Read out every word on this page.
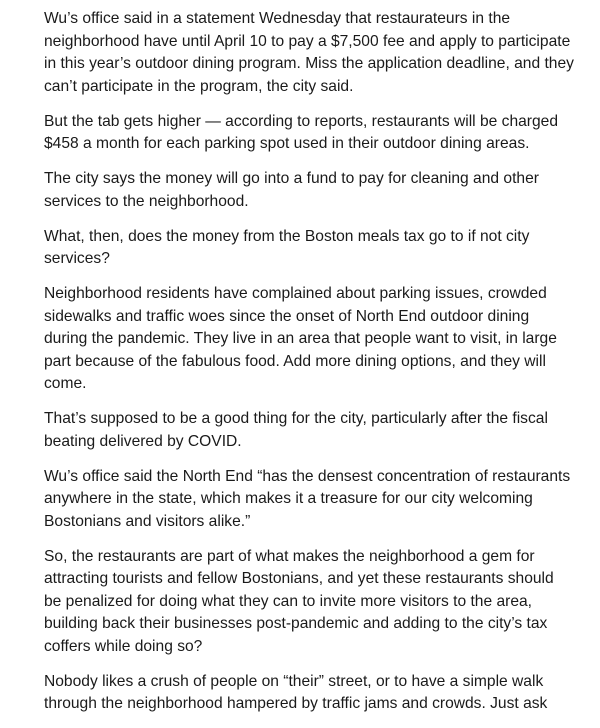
Wu’s office said in a statement Wednesday that restaurateurs in the
neighborhood have until April 10 to pay a $7,500 fee and apply to participate
in this year’s outdoor dining program. Miss the application deadline, and they
can’t participate in the program, the city said.

But the tab gets higher — according to reports, restaurants will be charged
$458 a month for each parking spot used in their outdoor dining areas.

The city says the money will go into a fund to pay for cleaning and other
services to the neighborhood.

What, then, does the money from the Boston meals tax go to if not city
services?

Neighborhood residents have complained about parking issues, crowded
sidewalks and traffic woes since the onset of North End outdoor dining
during the pandemic. They live in an area that people want to visit, in large
part because of the fabulous food. Add more dining options, and they will
come.

That’s supposed to be a good thing for the city, particularly after the fiscal
beating delivered by COVID.

Wu’s office said the North End “has the densest concentration of restaurants
anywhere in the state, which makes it a treasure for our city welcoming
Bostonians and visitors alike.”

So, the restaurants are part of what makes the neighborhood a gem for
attracting tourists and fellow Bostonians, and yet these restaurants should
be penalized for doing what they can to invite more visitors to the area,
building back their businesses post-pandemic and adding to the city’s tax
coffers while doing so?

Nobody likes a crush of people on “their” street, or to have a simple walk
through the neighborhood hampered by traffic jams and crowds. Just ask
